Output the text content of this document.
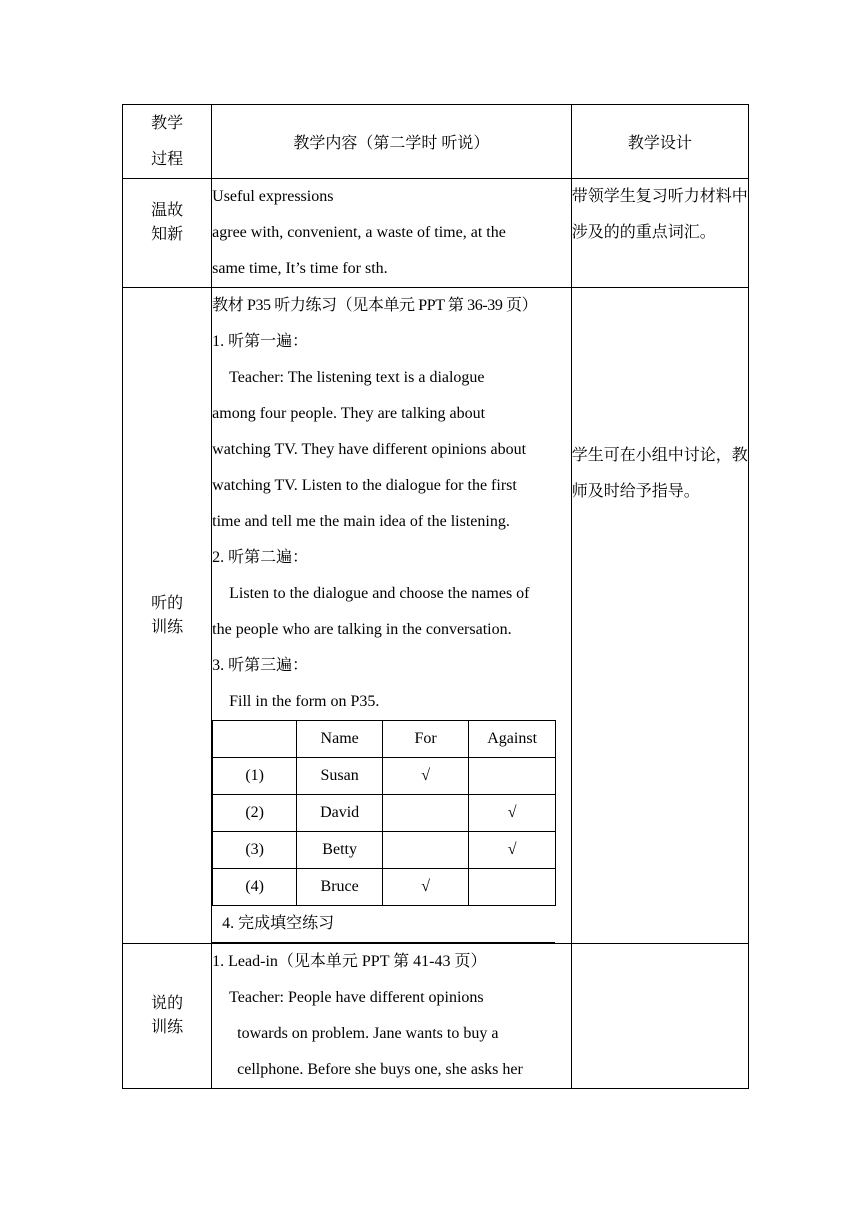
教学
过程
	教学内容（第二学时 听说）	教学设计

温故
知新

Useful expressions
agree with, convenient, a waste of time, at the
same time, It’s time for sth.
	带领学生复习听力材料中涉及的的重点词汇。

听的
训练

教材 P35 听力练习（见本单元 PPT 第 36-39 页）
1. 听第一遍：
Teacher: The listening text is a dialogue
among four people. They are talking about
watching TV. They have different opinions about
watching TV. Listen to the dialogue for the first
time and tell me the main idea of the listening.
2. 听第二遍：
Listen to the dialogue and choose the names of
the people who are talking in the conversation.
3. 听第三遍：
Fill in the form on P35.
	Name	For	Against
(1)	Susan	√	
(2)	David		√
(3)	Betty		√
(4)	Bruce	√	
4. 完成填空练习
	学生可在小组中讨论，教师及时给予指导。

说的
训练

1. Lead-in（见本单元 PPT 第 41-43 页）
Teacher: People have different opinions
towards on problem. Jane wants to buy a
cellphone. Before she buys one, she asks her
